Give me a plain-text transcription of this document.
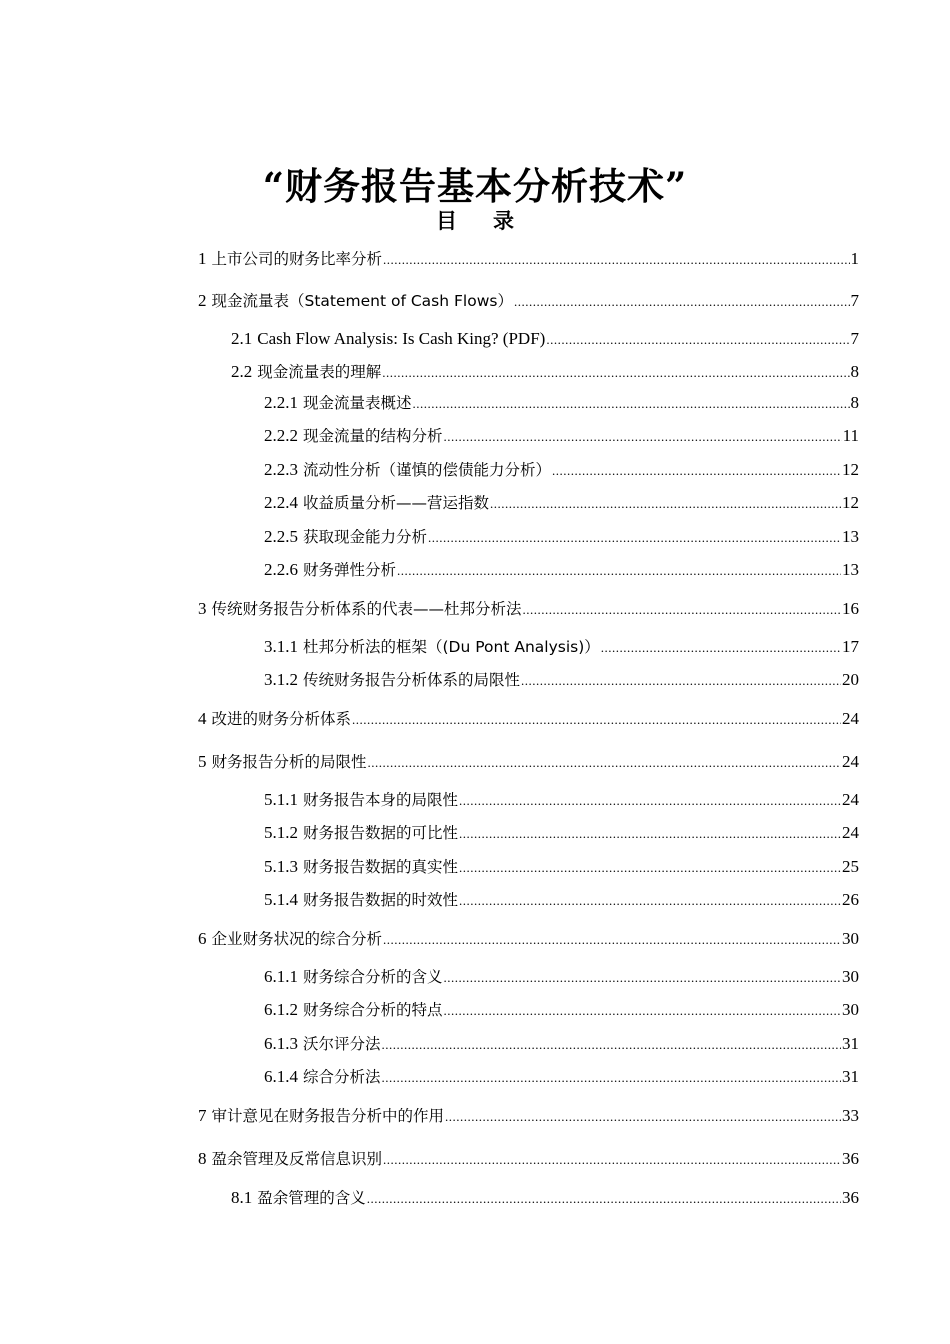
“财务报告基本分析技术”
目 录
1 上市公司的财务比率分析 .....	1
2 现金流量表（Statement of Cash Flows） .....	7
2.1 Cash Flow Analysis: Is Cash King? (PDF) .....	7
2.2 现金流量表的理解 .....	8
2.2.1 现金流量表概述 .....	8
2.2.2 现金流量的结构分析 .....	11
2.2.3 流动性分析（谨慎的偿债能力分析） .....	12
2.2.4 收益质量分析——营运指数 .....	12
2.2.5 获取现金能力分析 .....	13
2.2.6 财务弹性分析 .....	13
3 传统财务报告分析体系的代表——杜邦分析法 .....	16
3.1.1 杜邦分析法的框架（(Du Pont Analysis)） .....	17
3.1.2 传统财务报告分析体系的局限性 .....	20
4 改进的财务分析体系 .....	24
5 财务报告分析的局限性 .....	24
5.1.1 财务报告本身的局限性 .....	24
5.1.2 财务报告数据的可比性 .....	24
5.1.3 财务报告数据的真实性 .....	25
5.1.4 财务报告数据的时效性 .....	26
6 企业财务状况的综合分析 .....	30
6.1.1 财务综合分析的含义 .....	30
6.1.2 财务综合分析的特点 .....	30
6.1.3 沃尔评分法 .....	31
6.1.4 综合分析法 .....	31
7 审计意见在财务报告分析中的作用 .....	33
8 盈余管理及反常信息识别 .....	36
8.1 盈余管理的含义 .....	36
